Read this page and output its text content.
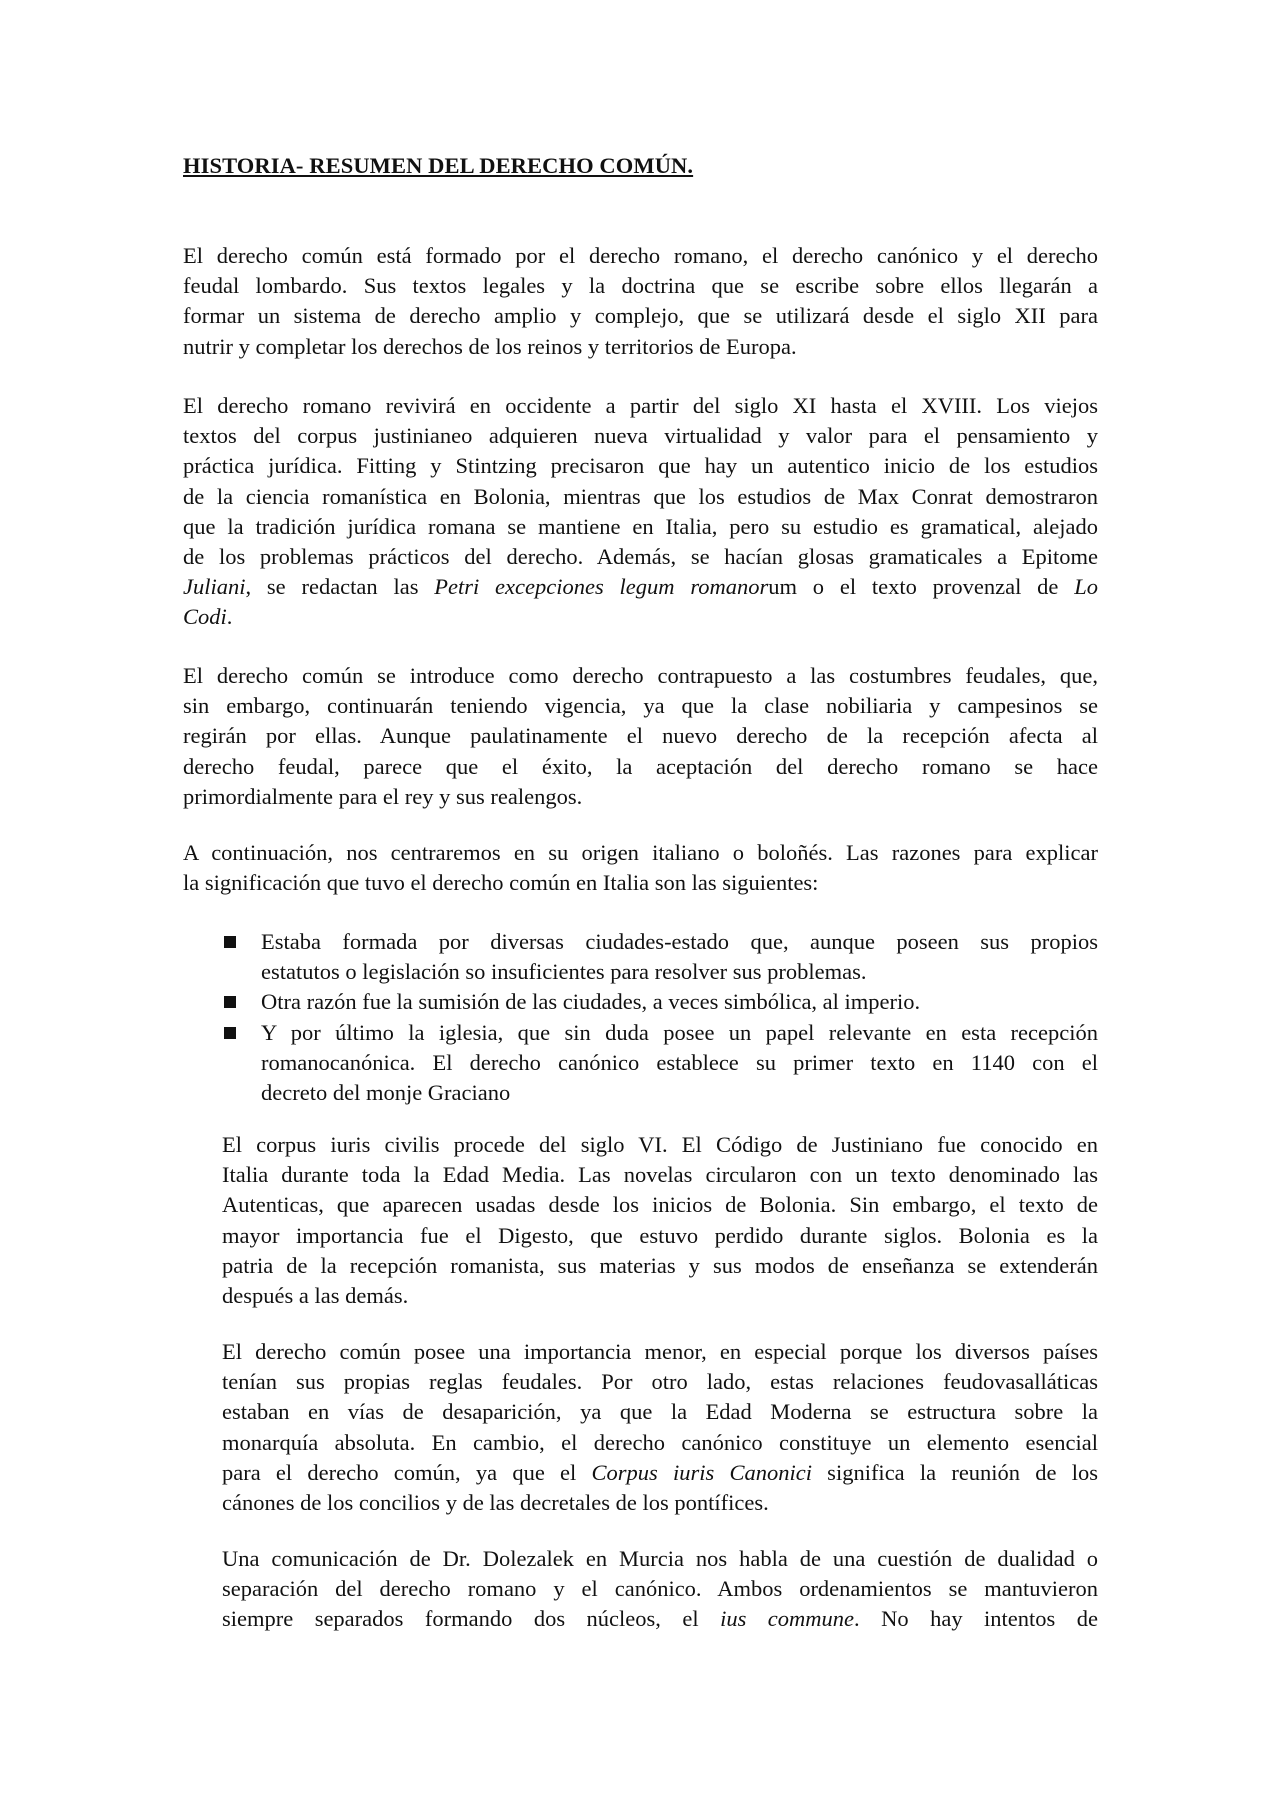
HISTORIA- RESUMEN DEL DERECHO COMÚN.
El derecho común está formado por el derecho romano, el derecho canónico y el derecho
feudal lombardo. Sus textos legales y la doctrina que se escribe sobre ellos llegarán a
formar un sistema de derecho amplio y complejo, que se utilizará desde el siglo XII para
nutrir y completar los derechos de los reinos y territorios de Europa.
El derecho romano revivirá en occidente a partir del siglo XI hasta el XVIII. Los viejos
textos del corpus justinianeo adquieren nueva virtualidad y valor para el pensamiento y
práctica jurídica. Fitting y Stintzing precisaron que hay un autentico inicio de los estudios
de la ciencia romanística en Bolonia, mientras que los estudios de Max Conrat demostraron
que la tradición jurídica romana se mantiene en Italia, pero su estudio es gramatical, alejado
de los problemas prácticos del derecho. Además, se hacían glosas gramaticales a Epitome
Juliani, se redactan las Petri excepciones legum romanorum o el texto provenzal de Lo
Codi.
El derecho común se introduce como derecho contrapuesto a las costumbres feudales, que,
sin embargo, continuarán teniendo vigencia, ya que la clase nobiliaria y campesinos se
regirán por ellas. Aunque paulatinamente el nuevo derecho de la recepción afecta al
derecho feudal, parece que el éxito, la aceptación del derecho romano se hace
primordialmente para el rey y sus realengos.
A continuación, nos centraremos en su origen italiano o boloñés. Las razones para explicar
la significación que tuvo el derecho común en Italia son las siguientes:
Estaba formada por diversas ciudades-estado que, aunque poseen sus propios
estatutos o legislación so insuficientes para resolver sus problemas.
Otra razón fue la sumisión de las ciudades, a veces simbólica, al imperio.
Y por último la iglesia, que sin duda posee un papel relevante en esta recepción
romanocanónica. El derecho canónico establece su primer texto en 1140 con el
decreto del monje Graciano
El corpus iuris civilis procede del siglo VI. El Código de Justiniano fue conocido en
Italia durante toda la Edad Media. Las novelas circularon con un texto denominado las
Autenticas, que aparecen usadas desde los inicios de Bolonia. Sin embargo, el texto de
mayor importancia fue el Digesto, que estuvo perdido durante siglos. Bolonia es la
patria de la recepción romanista, sus materias y sus modos de enseñanza se extenderán
después a las demás.
El derecho común posee una importancia menor, en especial porque los diversos países
tenían sus propias reglas feudales. Por otro lado, estas relaciones feudovasalláticas
estaban en vías de desaparición, ya que la Edad Moderna se estructura sobre la
monarquía absoluta. En cambio, el derecho canónico constituye un elemento esencial
para el derecho común, ya que el Corpus iuris Canonici significa la reunión de los
cánones de los concilios y de las decretales de los pontífices.
Una comunicación de Dr. Dolezalek en Murcia nos habla de una cuestión de dualidad o
separación del derecho romano y el canónico. Ambos ordenamientos se mantuvieron
siempre separados formando dos núcleos, el ius commune. No hay intentos de
